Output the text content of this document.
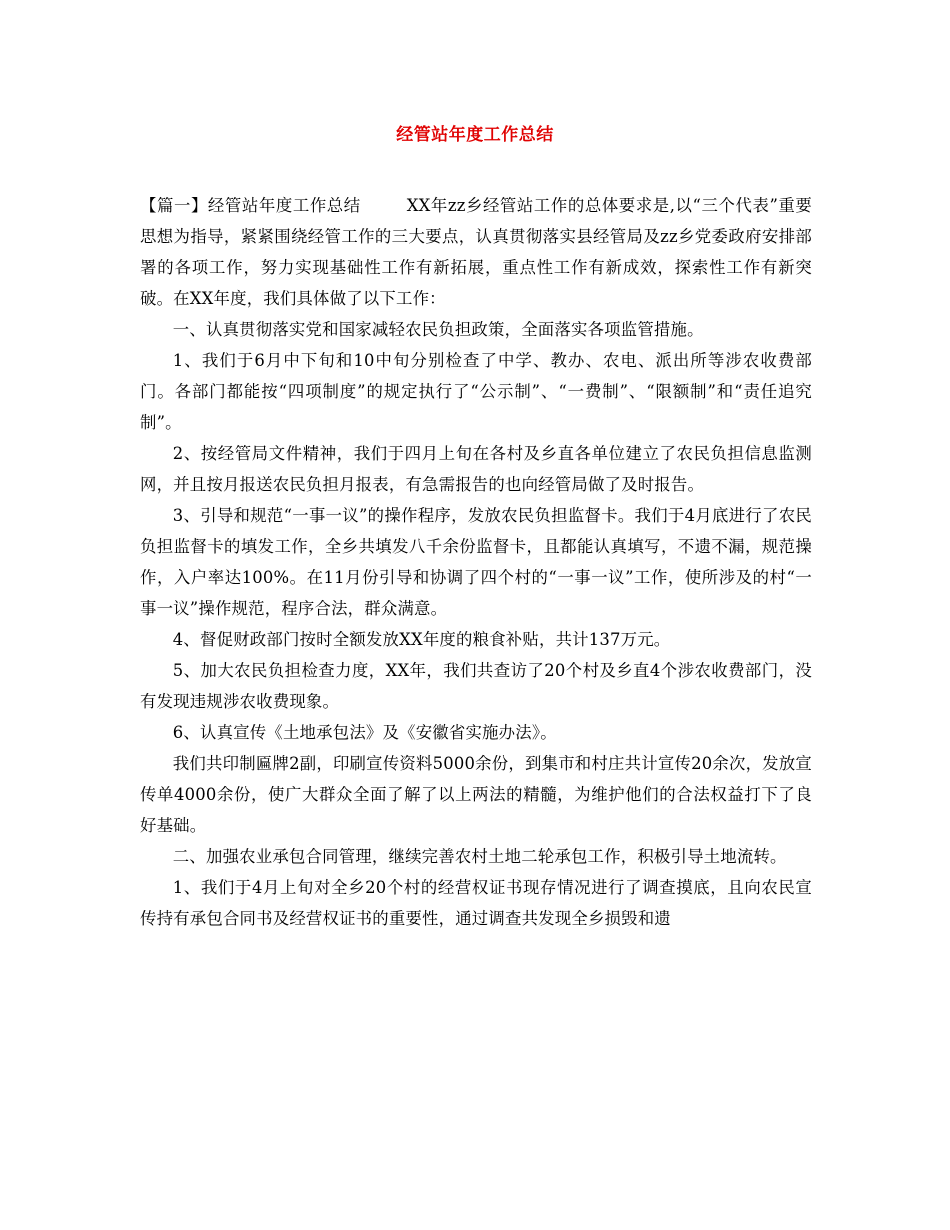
经管站年度工作总结

【篇一】经管站年度工作总结	XX年zz乡经管站工作的总体要求是,以“三个代表”重要思想为指导，紧紧围绕经管工作的三大要点，认真贯彻落实县经管局及zz乡党委政府安排部署的各项工作，努力实现基础性工作有新拓展，重点性工作有新成效，探索性工作有新突破。在XX年度，我们具体做了以下工作：

一、认真贯彻落实党和国家减轻农民负担政策，全面落实各项监管措施。

1、我们于6月中下旬和10中旬分别检查了中学、教办、农电、派出所等涉农收费部门。各部门都能按“四项制度”的规定执行了“公示制”、“一费制”、“限额制”和“责任追究制”。

2、按经管局文件精神，我们于四月上旬在各村及乡直各单位建立了农民负担信息监测网，并且按月报送农民负担月报表，有急需报告的也向经管局做了及时报告。

3、引导和规范“一事一议”的操作程序，发放农民负担监督卡。我们于4月底进行了农民负担监督卡的填发工作，全乡共填发八千余份监督卡，且都能认真填写，不遗不漏，规范操作，入户率达100%。在11月份引导和协调了四个村的“一事一议”工作，使所涉及的村“一事一议”操作规范，程序合法，群众满意。

4、督促财政部门按时全额发放XX年度的粮食补贴，共计137万元。

5、加大农民负担检查力度，XX年，我们共查访了20个村及乡直4个涉农收费部门，没有发现违规涉农收费现象。

6、认真宣传《土地承包法》及《安徽省实施办法》。

我们共印制匾牌2副，印刷宣传资料5000余份，到集市和村庄共计宣传20余次，发放宣传单4000余份，使广大群众全面了解了以上两法的精髓，为维护他们的合法权益打下了良好基础。

二、加强农业承包合同管理，继续完善农村土地二轮承包工作，积极引导土地流转。

1、我们于4月上旬对全乡20个村的经营权证书现存情况进行了调查摸底，且向农民宣传持有承包合同书及经营权证书的重要性，通过调查共发现全乡损毁和遗
